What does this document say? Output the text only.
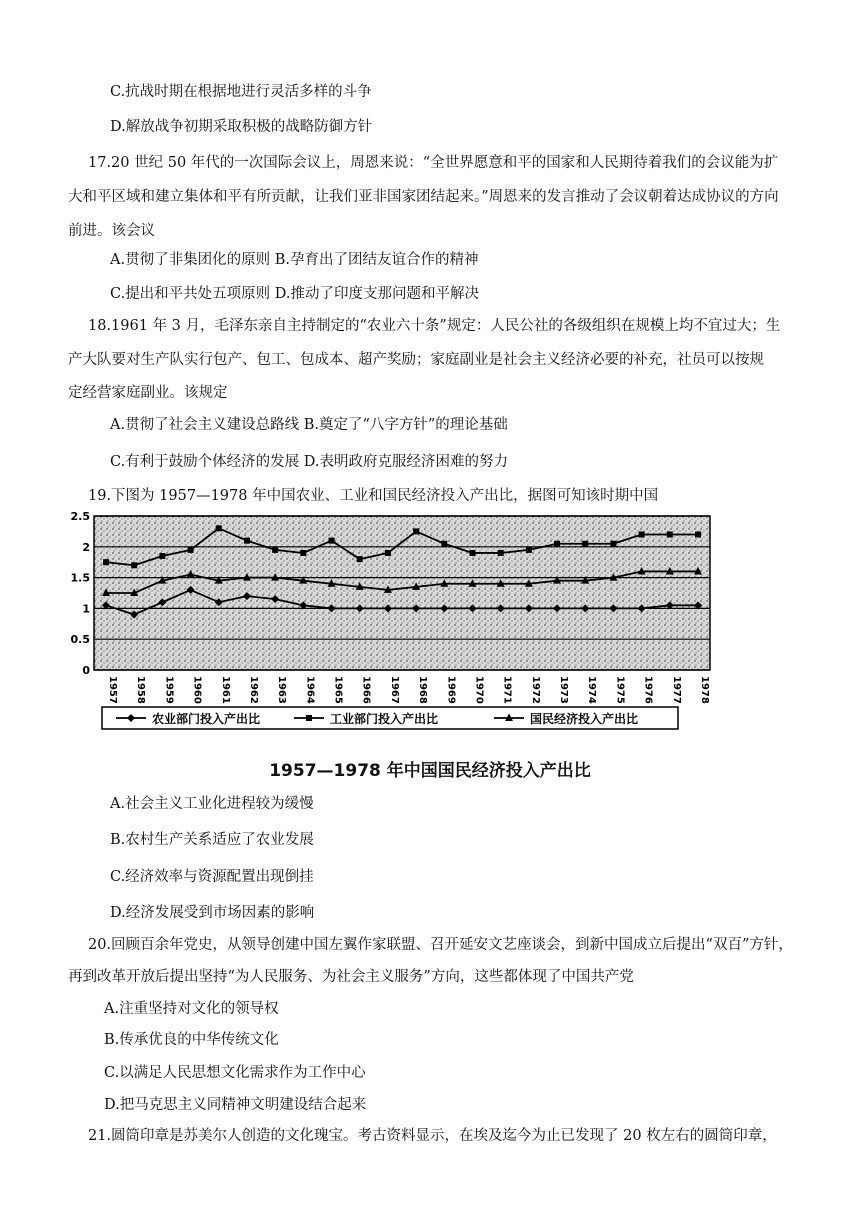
C.抗战时期在根据地进行灵活多样的斗争
D.解放战争初期采取积极的战略防御方针
17.20 世纪 50 年代的一次国际会议上，周恩来说：“全世界愿意和平的国家和人民期待着我们的会议能为扩
大和平区域和建立集体和平有所贡献，让我们亚非国家团结起来。”周恩来的发言推动了会议朝着达成协议的方向
前进。该会议
A.贯彻了非集团化的原则 B.孕育出了团结友谊合作的精神
C.提出和平共处五项原则 D.推动了印度支那问题和平解决
18.1961 年 3 月，毛泽东亲自主持制定的“农业六十条”规定：人民公社的各级组织在规模上均不宜过大；生
产大队要对生产队实行包产、包工、包成本、超产奖励；家庭副业是社会主义经济必要的补充，社员可以按规
定经营家庭副业。该规定
A.贯彻了社会主义建设总路线 B.奠定了“八字方针”的理论基础
C.有利于鼓励个体经济的发展 D.表明政府克服经济困难的努力
19.下图为 1957—1978 年中国农业、工业和国民经济投入产出比，据图可知该时期中国
0
0.5
1
1.5
2
2.5
1957 1958 1959 1960 1961 1962 1963 1964 1965 1966 1967 1968 1969 1970 1971 1972 1973 1974 1975 1976 1977 1978
农业部门投入产出比	工业部门投入产出比	国民经济投入产出比
1957—1978 年中国国民经济投入产出比
A.社会主义工业化进程较为缓慢
B.农村生产关系适应了农业发展
C.经济效率与资源配置出现倒挂
D.经济发展受到市场因素的影响
20.回顾百余年党史，从领导创建中国左翼作家联盟、召开延安文艺座谈会，到新中国成立后提出“双百”方针，
再到改革开放后提出坚持“为人民服务、为社会主义服务”方向，这些都体现了中国共产党
A.注重坚持对文化的领导权
B.传承优良的中华传统文化
C.以满足人民思想文化需求作为工作中心
D.把马克思主义同精神文明建设结合起来
21.圆筒印章是苏美尔人创造的文化瑰宝。考古资料显示，在埃及迄今为止已发现了 20 枚左右的圆筒印章，
